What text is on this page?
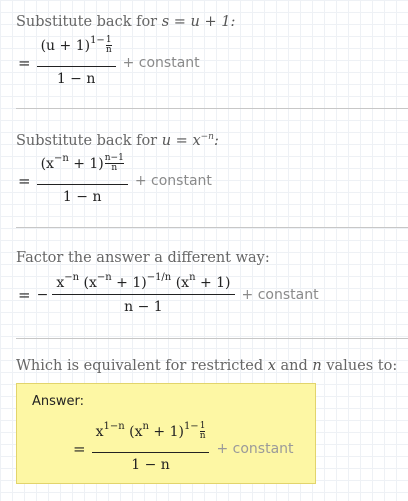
Substitute back for s = u + 1:
= $\frac{(u + 1)^{1-} \frac{1}{n}}{1 - n}$ + constant
Substitute back for $u = x^{-n}$:
= $\frac{(x^{-n} + 1) \frac{n-1}{n}}{1 - n}$ + constant
Factor the answer a different way:
= − $\frac{x^{-n} (x^{-n} + 1)^{-1/n} (x^n + 1)}{n - 1}$ + constant
Which is equivalent for restricted x and n values to:
Answer:
= $\frac{x^{1-n} (x^n + 1)^{1-} \frac{1}{n}}{1 - n}$ + constant
